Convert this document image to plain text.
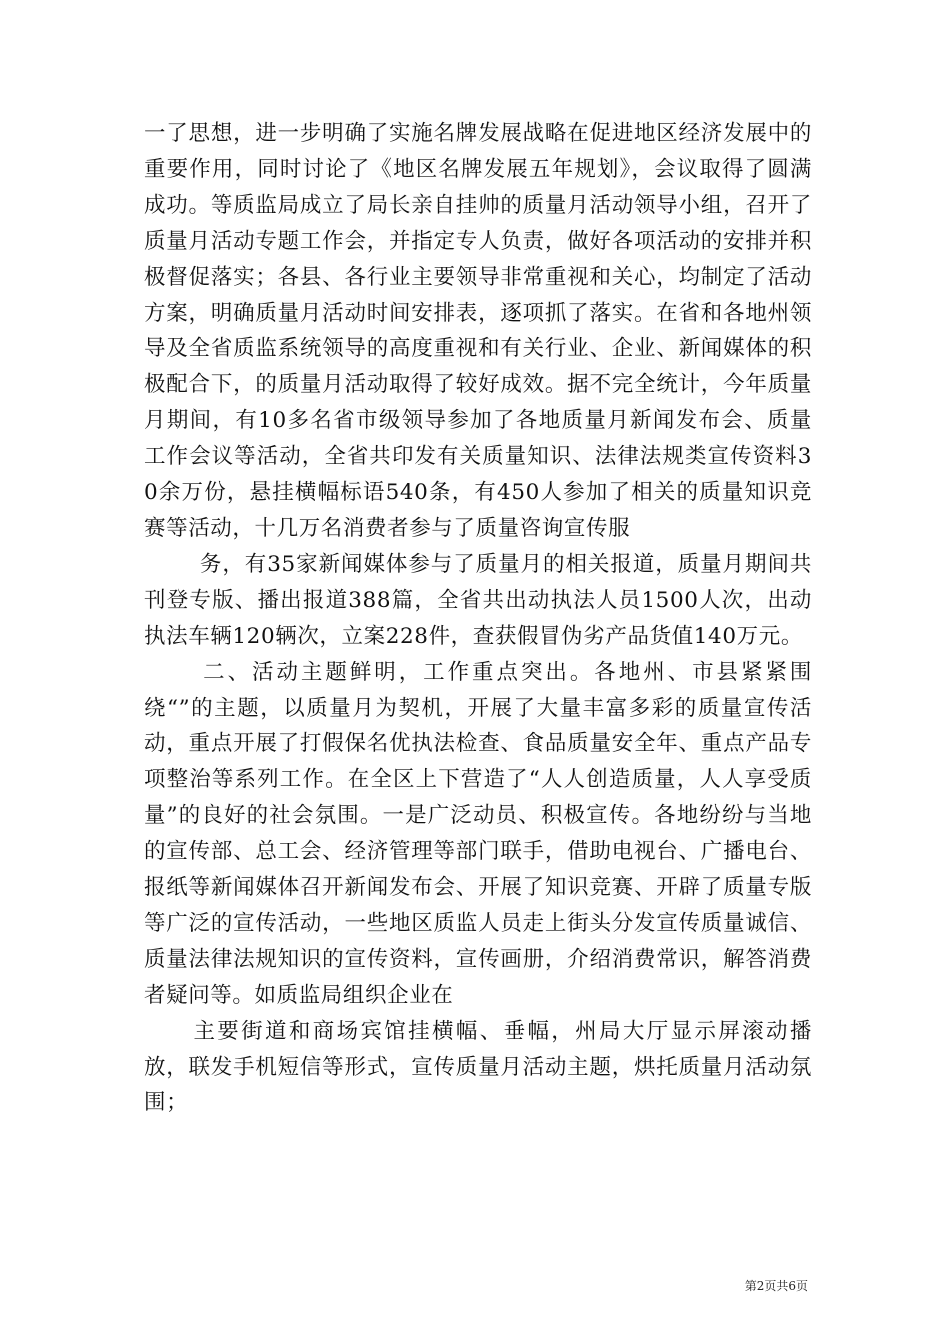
一了思想，进一步明确了实施名牌发展战略在促进地区经济发展中的重要作用，同时讨论了《地区名牌发展五年规划》，会议取得了圆满成功。等质监局成立了局长亲自挂帅的质量月活动领导小组，召开了质量月活动专题工作会，并指定专人负责，做好各项活动的安排并积极督促落实；各县、各行业主要领导非常重视和关心，均制定了活动方案，明确质量月活动时间安排表，逐项抓了落实。在省和各地州领导及全省质监系统领导的高度重视和有关行业、企业、新闻媒体的积极配合下，的质量月活动取得了较好成效。据不完全统计，今年质量月期间，有10多名省市级领导参加了各地质量月新闻发布会、质量工作会议等活动，全省共印发有关质量知识、法律法规类宣传资料30余万份，悬挂横幅标语540条，有450人参加了相关的质量知识竞赛等活动，十几万名消费者参与了质量咨询宣传服

务，有35家新闻媒体参与了质量月的相关报道，质量月期间共刊登专版、播出报道388篇，全省共出动执法人员1500人次，出动执法车辆120辆次，立案228件，查获假冒伪劣产品货值140万元。

二、活动主题鲜明，工作重点突出。各地州、市县紧紧围绕“”的主题，以质量月为契机，开展了大量丰富多彩的质量宣传活动，重点开展了打假保名优执法检查、食品质量安全年、重点产品专项整治等系列工作。在全区上下营造了“人人创造质量，人人享受质量”的良好的社会氛围。一是广泛动员、积极宣传。各地纷纷与当地的宣传部、总工会、经济管理等部门联手，借助电视台、广播电台、报纸等新闻媒体召开新闻发布会、开展了知识竞赛、开辟了质量专版等广泛的宣传活动，一些地区质监人员走上街头分发宣传质量诚信、质量法律法规知识的宣传资料，宣传画册，介绍消费常识，解答消费者疑问等。如质监局组织企业在

主要街道和商场宾馆挂横幅、垂幅，州局大厅显示屏滚动播放，联发手机短信等形式，宣传质量月活动主题，烘托质量月活动氛围；

第2页共6页
